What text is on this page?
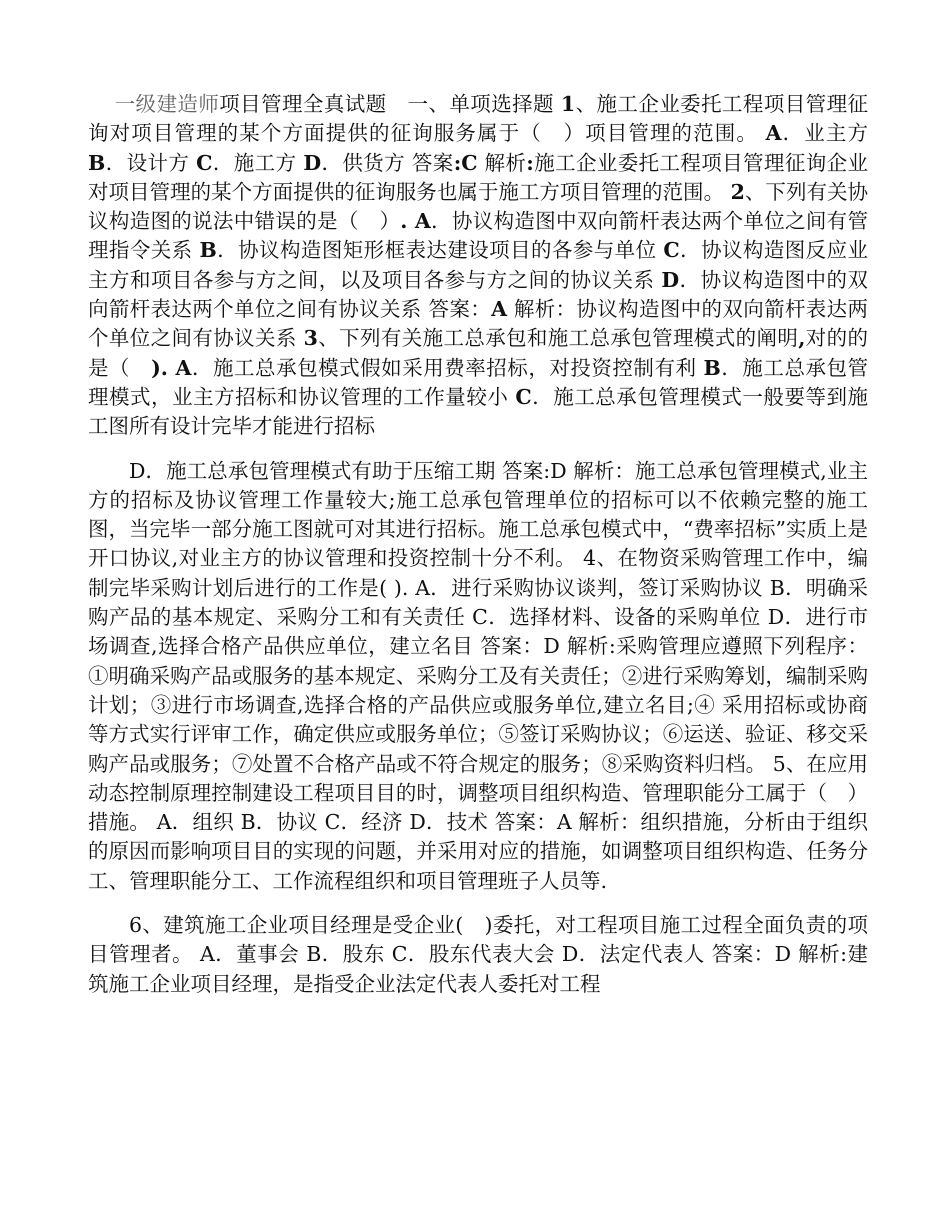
一级建造师项目管理全真试题　一、单项选择题 1、施工企业委托工程项目管理征询对项目管理的某个方面提供的征询服务属于（　）项目管理的范围。 A．业主方 B．设计方 C．施工方 D．供货方 答案:C 解析:施工企业委托工程项目管理征询企业对项目管理的某个方面提供的征询服务也属于施工方项目管理的范围。 2、下列有关协议构造图的说法中错误的是（　）. A．协议构造图中双向箭杆表达两个单位之间有管理指令关系 B．协议构造图矩形框表达建设项目的各参与单位 C．协议构造图反应业主方和项目各参与方之间，以及项目各参与方之间的协议关系 D．协议构造图中的双向箭杆表达两个单位之间有协议关系 答案：A 解析：协议构造图中的双向箭杆表达两个单位之间有协议关系 3、下列有关施工总承包和施工总承包管理模式的阐明,对的的是（　). A．施工总承包模式假如采用费率招标，对投资控制有利 B．施工总承包管理模式，业主方招标和协议管理的工作量较小 C．施工总承包管理模式一般要等到施工图所有设计完毕才能进行招标

D．施工总承包管理模式有助于压缩工期 答案:D 解析：施工总承包管理模式,业主方的招标及协议管理工作量较大;施工总承包管理单位的招标可以不依赖完整的施工图，当完毕一部分施工图就可对其进行招标。施工总承包模式中，“费率招标”实质上是开口协议,对业主方的协议管理和投资控制十分不利。 4、在物资采购管理工作中，编制完毕采购计划后进行的工作是( ). A．进行采购协议谈判，签订采购协议 B．明确采购产品的基本规定、采购分工和有关责任 C．选择材料、设备的采购单位 D．进行市场调查,选择合格产品供应单位，建立名目 答案：D 解析:采购管理应遵照下列程序：①明确采购产品或服务的基本规定、采购分工及有关责任；②进行采购筹划，编制采购计划；③进行市场调查,选择合格的产品供应或服务单位,建立名目;④ 采用招标或协商等方式实行评审工作，确定供应或服务单位；⑤签订采购协议；⑥运送、验证、移交采购产品或服务；⑦处置不合格产品或不符合规定的服务；⑧采购资料归档。 5、在应用动态控制原理控制建设工程项目目的时，调整项目组织构造、管理职能分工属于（　）措施。 A．组织 B．协议 C．经济 D．技术 答案：A 解析：组织措施，分析由于组织的原因而影响项目目的实现的问题，并采用对应的措施，如调整项目组织构造、任务分工、管理职能分工、工作流程组织和项目管理班子人员等.

6、建筑施工企业项目经理是受企业(　)委托，对工程项目施工过程全面负责的项目管理者。 A．董事会 B．股东 C．股东代表大会 D．法定代表人 答案：D 解析:建筑施工企业项目经理，是指受企业法定代表人委托对工程
